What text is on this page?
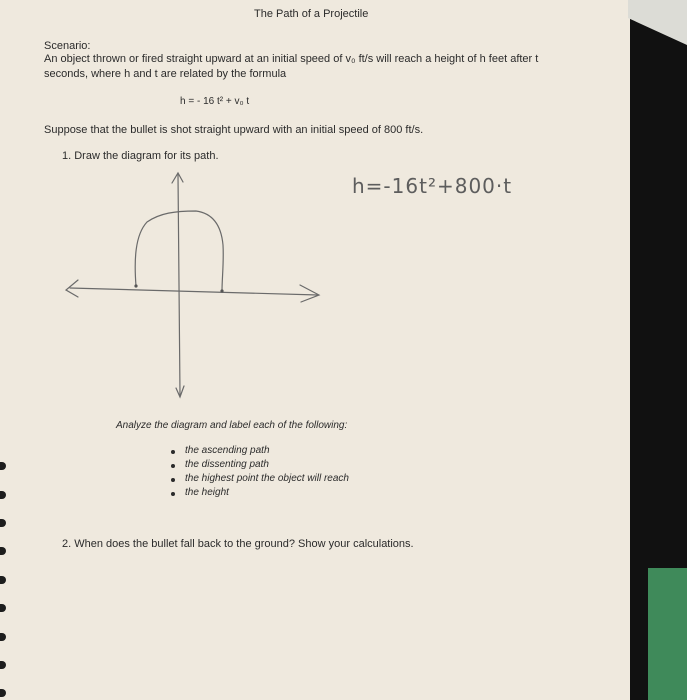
The Path of a Projectile
Scenario:
An object thrown or fired straight upward at an initial speed of v₀ ft/s will reach a height of h feet after t
seconds, where h and t are related by the formula
h = - 16 t² + v₀ t
Suppose that the bullet is shot straight upward with an initial speed of 800 ft/s.
1. Draw the diagram for its path.
h=-16t²+800·t
Analyze the diagram and label each of the following:
the ascending path
the dissenting path
the highest point the object will reach
the height
2. When does the bullet fall back to the ground? Show your calculations.
